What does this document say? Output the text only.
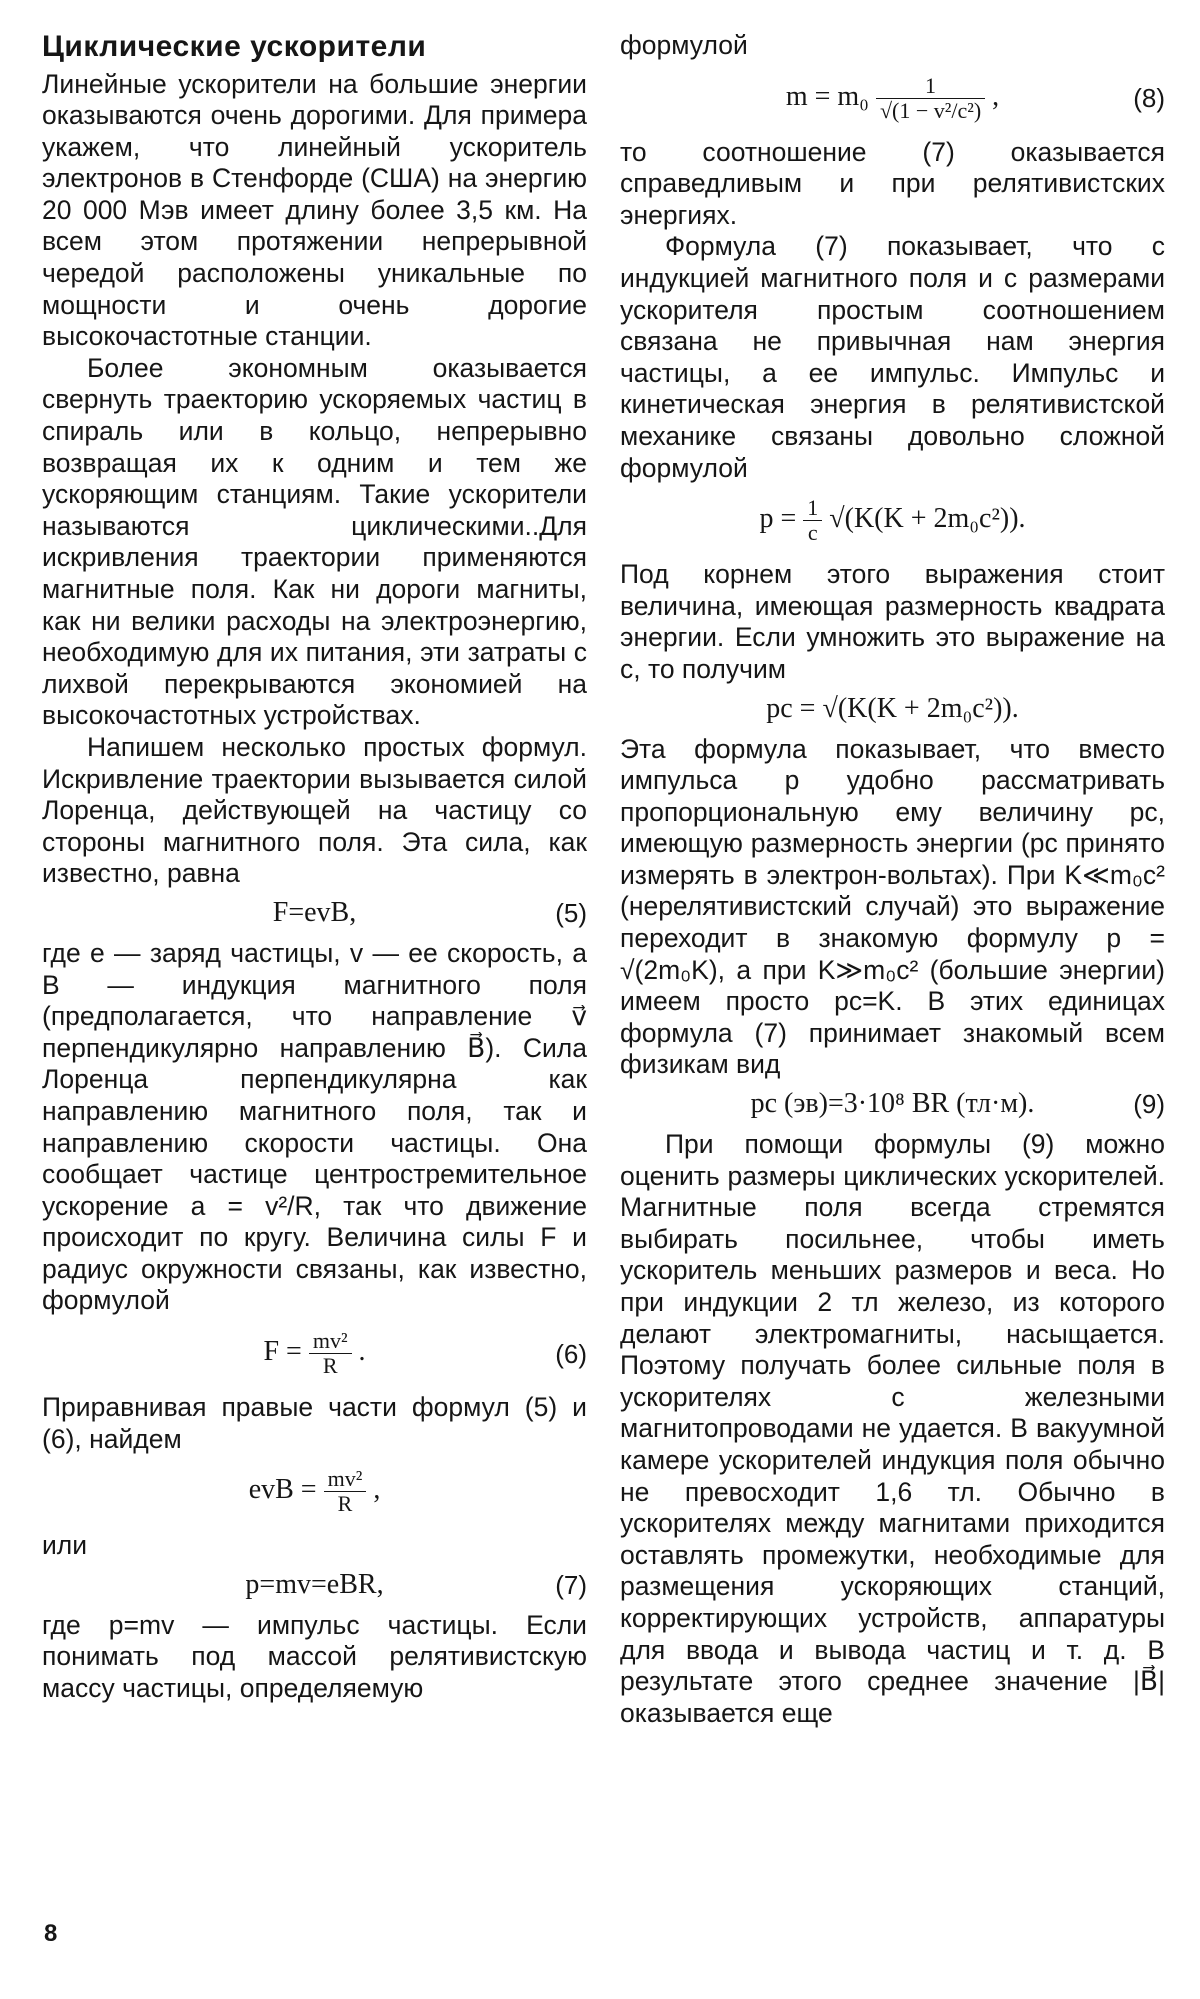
Циклические ускорители

Линейные ускорители на большие энергии оказываются очень дорогими. Для примера укажем, что линейный ускоритель электронов в Стенфорде (США) на энергию 20 000 Мэв имеет длину более 3,5 км. На всем этом протяжении непрерывной чередой расположены уникальные по мощности и очень дорогие высокочастотные станции.

Более экономным оказывается свернуть траекторию ускоряемых частиц в спираль или в кольцо, непрерывно возвращая их к одним и тем же ускоряющим станциям. Такие ускорители называются циклическими..Для искривления траектории применяются магнитные поля. Как ни дороги магниты, как ни велики расходы на электроэнергию, необходимую для их питания, эти затраты с лихвой перекрываются экономией на высокочастотных устройствах.

Напишем несколько простых формул. Искривление траектории вызывается силой Лоренца, действующей на частицу со стороны магнитного поля. Эта сила, как известно, равна

F=evB,	(5)

где e — заряд частицы, v — ее скорость, а B — индукция магнитного поля (предполагается, что направление v⃗ перпендикулярно направлению B⃗). Сила Лоренца перпендикулярна как направлению магнитного поля, так и направлению скорости частицы. Она сообщает частице центростремительное ускорение a = v²/R, так что движение происходит по кругу. Величина силы F и радиус окружности связаны, как известно, формулой

$F = \frac{\text{mv²}}{R}$ .	(6)

Приравнивая правые части формул (5) и (6), найдем

evB = $\frac{\text{mv²}}{R}$ ,

или

p=mv=eBR,	(7)

где p=mv — импульс частицы. Если понимать под массой релятивистскую массу частицы, определяемую

формулой

$m = m_0 \frac{1}{\text{√(1 − v²/c²)}}$ ,	(8)

то соотношение (7) оказывается справедливым и при релятивистских энергиях.

Формула (7) показывает, что с индукцией магнитного поля и с размерами ускорителя простым соотношением связана не привычная нам энергия частицы, а ее импульс. Импульс и кинетическая энергия в релятивистской механике связаны довольно сложной формулой

$p = \frac{1}{c} √(K(K + 2m_0c^2))$.

Под корнем этого выражения стоит величина, имеющая размерность квадрата энергии. Если умножить это выражение на c, то получим

pc = √(K(K + 2m₀c²)).

Эта формула показывает, что вместо импульса p удобно рассматривать пропорциональную ему величину pc, имеющую размерность энергии (pc принято измерять в электрон-вольтах). При K≪m₀c² (нерелятивистский случай) это выражение переходит в знакомую формулу p = √(2m₀K), а при K≫m₀c² (большие энергии) имеем просто pc=K. В этих единицах формула (7) принимает знакомый всем физикам вид

pc (эв)=3·10⁸ BR (тл·м).	(9)

При помощи формулы (9) можно оценить размеры циклических ускорителей. Магнитные поля всегда стремятся выбирать посильнее, чтобы иметь ускоритель меньших размеров и веса. Но при индукции 2 тл железо, из которого делают электромагниты, насыщается. Поэтому получать более сильные поля в ускорителях с железными магнитопроводами не удается. В вакуумной камере ускорителей индукция поля обычно не превосходит 1,6 тл. Обычно в ускорителях между магнитами приходится оставлять промежутки, необходимые для размещения ускоряющих станций, корректирующих устройств, аппаратуры для ввода и вывода частиц и т. д. В результате этого среднее значение |B⃗| оказывается еще

8
